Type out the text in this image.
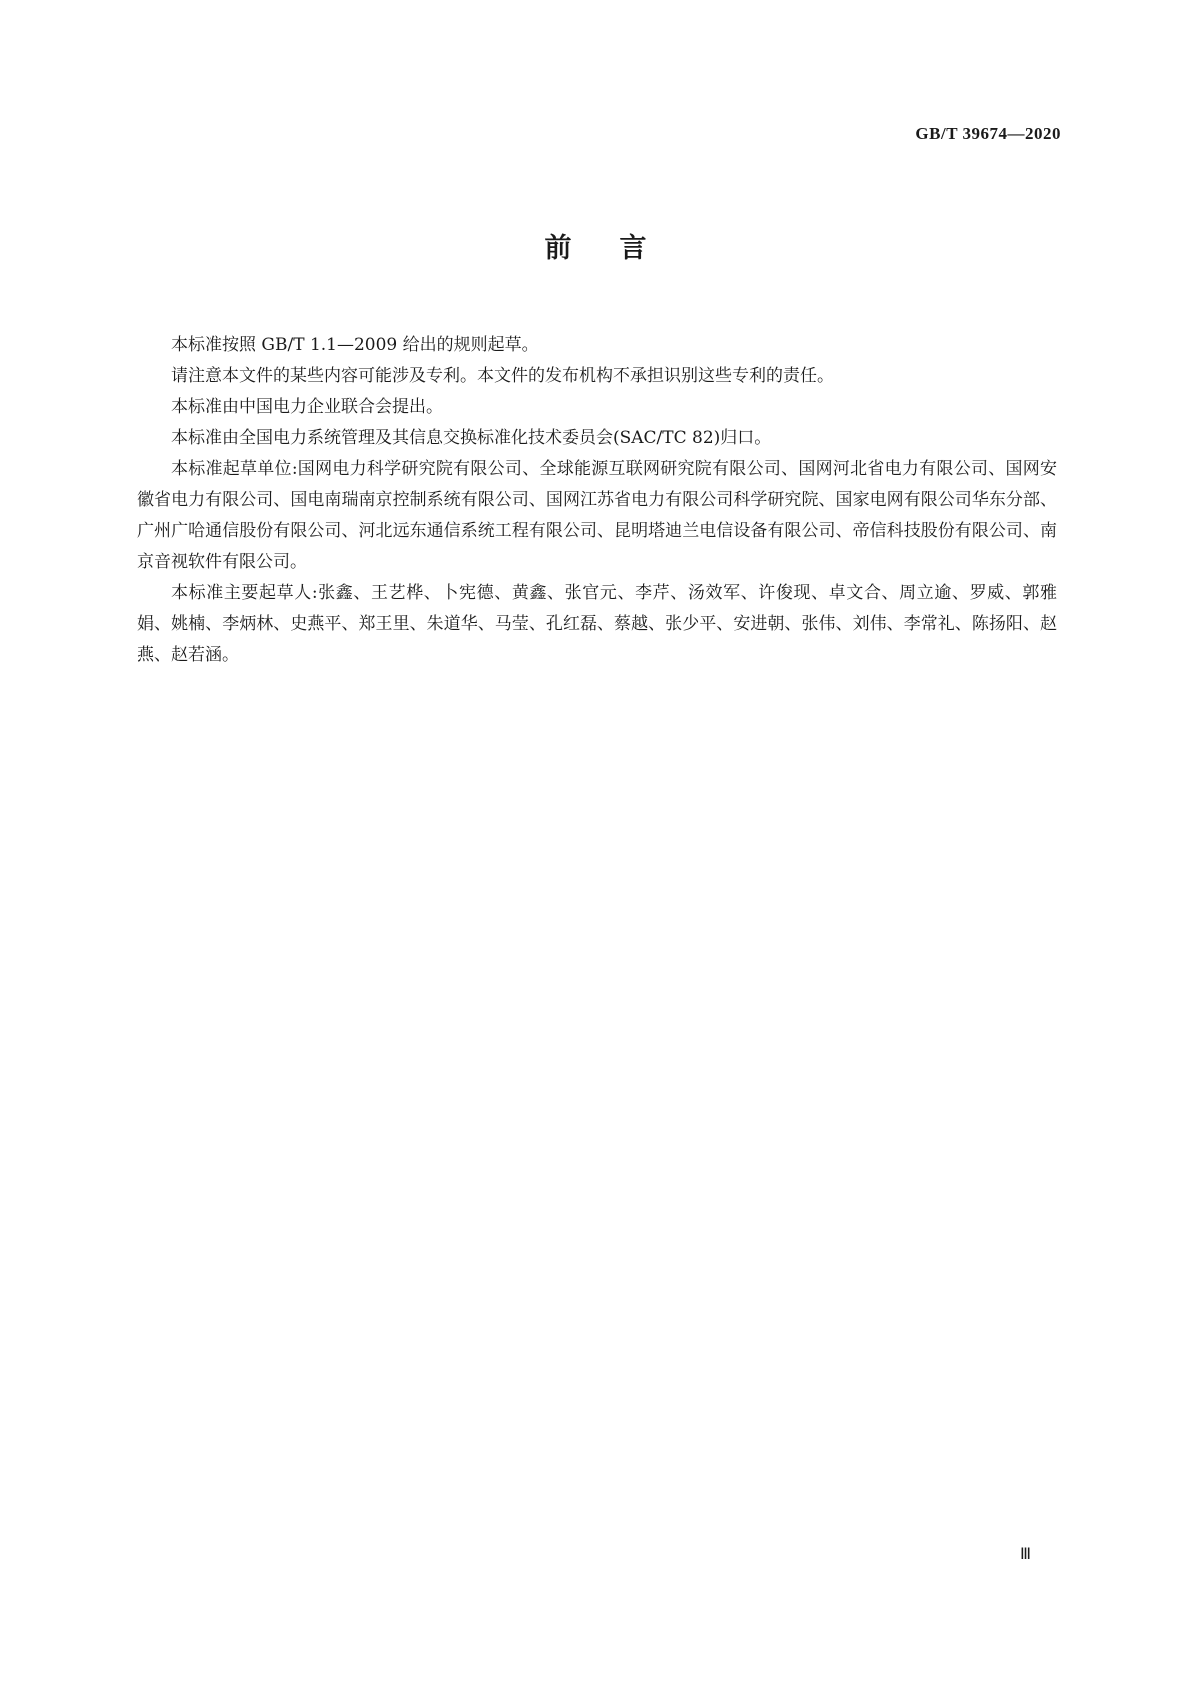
GB/T 39674—2020
前言

本标准按照 GB/T 1.1—2009 给出的规则起草。

请注意本文件的某些内容可能涉及专利。本文件的发布机构不承担识别这些专利的责任。

本标准由中国电力企业联合会提出。

本标准由全国电力系统管理及其信息交换标准化技术委员会(SAC/TC 82)归口。

本标准起草单位:国网电力科学研究院有限公司、全球能源互联网研究院有限公司、国网河北省电力有限公司、国网安徽省电力有限公司、国电南瑞南京控制系统有限公司、国网江苏省电力有限公司科学研究院、国家电网有限公司华东分部、广州广哈通信股份有限公司、河北远东通信系统工程有限公司、昆明塔迪兰电信设备有限公司、帝信科技股份有限公司、南京音视软件有限公司。

本标准主要起草人:张鑫、王艺桦、卜宪德、黄鑫、张官元、李芹、汤效军、许俊现、卓文合、周立逾、罗威、郭雅娟、姚楠、李炳林、史燕平、郑王里、朱道华、马莹、孔红磊、蔡越、张少平、安进朝、张伟、刘伟、李常礼、陈扬阳、赵燕、赵若涵。

Ⅲ
